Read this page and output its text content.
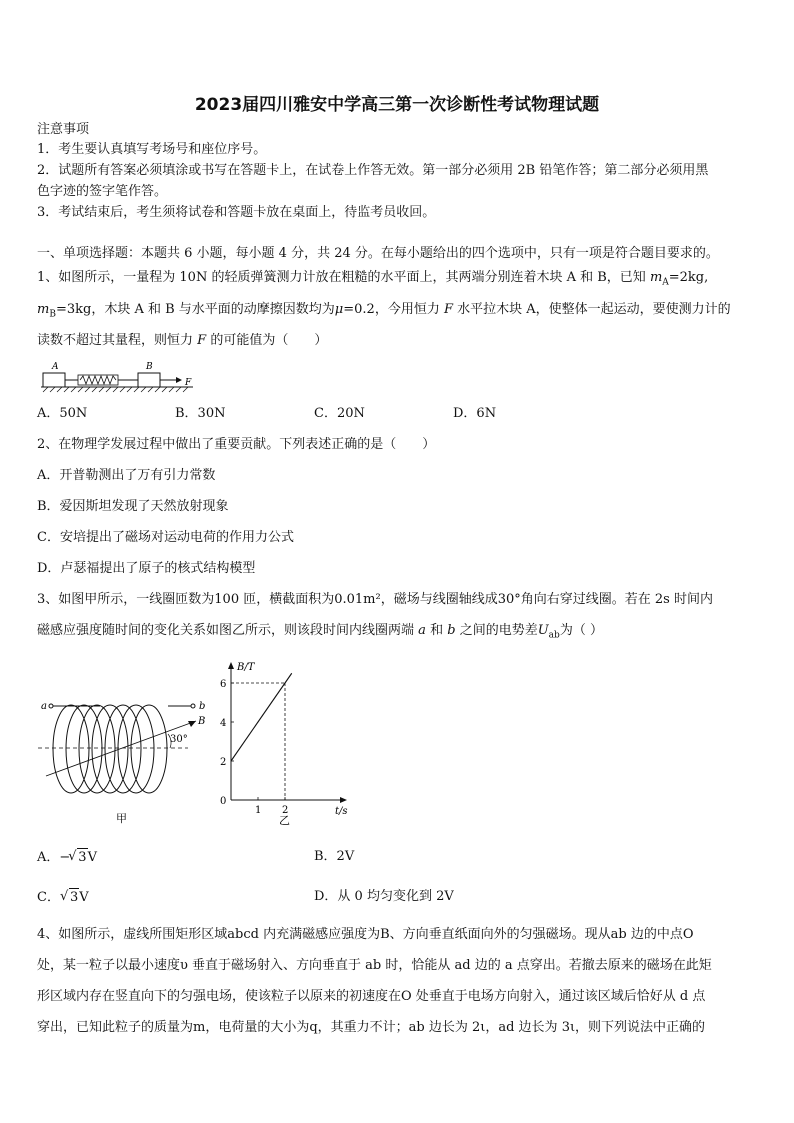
2023届四川雅安中学高三第一次诊断性考试物理试题
注意事项
1．考生要认真填写考场号和座位序号。
2．试题所有答案必须填涂或书写在答题卡上，在试卷上作答无效。第一部分必须用 2B 铅笔作答；第二部分必须用黑
色字迹的签字笔作答。
3．考试结束后，考生须将试卷和答题卡放在桌面上，待监考员收回。
一、单项选择题：本题共 6 小题，每小题 4 分，共 24 分。在每小题给出的四个选项中，只有一项是符合题目要求的。
1、如图所示，一量程为 10N 的轻质弹簧测力计放在粗糙的水平面上，其两端分别连着木块 A 和 B，已知 $m_A=2kg$,
$m_B=3kg$，木块 A 和 B 与水平面的动摩擦因数均为μ=0.2，今用恒力 F 水平拉木块 A，使整体一起运动，要使测力计的
读数不超过其量程，则恒力 F 的可能值为（　　）
A	B
F
A．50N	B．30N	C．20N	D．6N
2、在物理学发展过程中做出了重要贡献。下列表述正确的是（　　）
A．开普勒测出了万有引力常数
B．爱因斯坦发现了天然放射现象
C．安培提出了磁场对运动电荷的作用力公式
D．卢瑟福提出了原子的核式结构模型
3、如图甲所示，一线圈匝数为100 匝，横截面积为0.01m²，磁场与线圈轴线成30°角向右穿过线圈。若在 2s 时间内
磁感应强度随时间的变化关系如图乙所示，则该段时间内线圈两端 a 和 b 之间的电势差$U_{ab}$为（ ）
a	b
B
30°
甲
2
4
6
1 2
B/T
t/s
0
乙
A．−
√ 3V	B．2V
C． √ 3V	D．从 0 均匀变化到 2V
4、如图所示，虚线所围矩形区域abcd 内充满磁感应强度为B、方向垂直纸面向外的匀强磁场。现从ab 边的中点O
处，某一粒子以最小速度υ 垂直于磁场射入、方向垂直于 ab 时，恰能从 ad 边的 a 点穿出。若撤去原来的磁场在此矩
形区域内存在竖直向下的匀强电场，使该粒子以原来的初速度在O 处垂直于电场方向射入，通过该区域后恰好从 d 点
穿出，已知此粒子的质量为m，电荷量的大小为q，其重力不计；ab 边长为 2ι，ad 边长为 3ι，则下列说法中正确的
